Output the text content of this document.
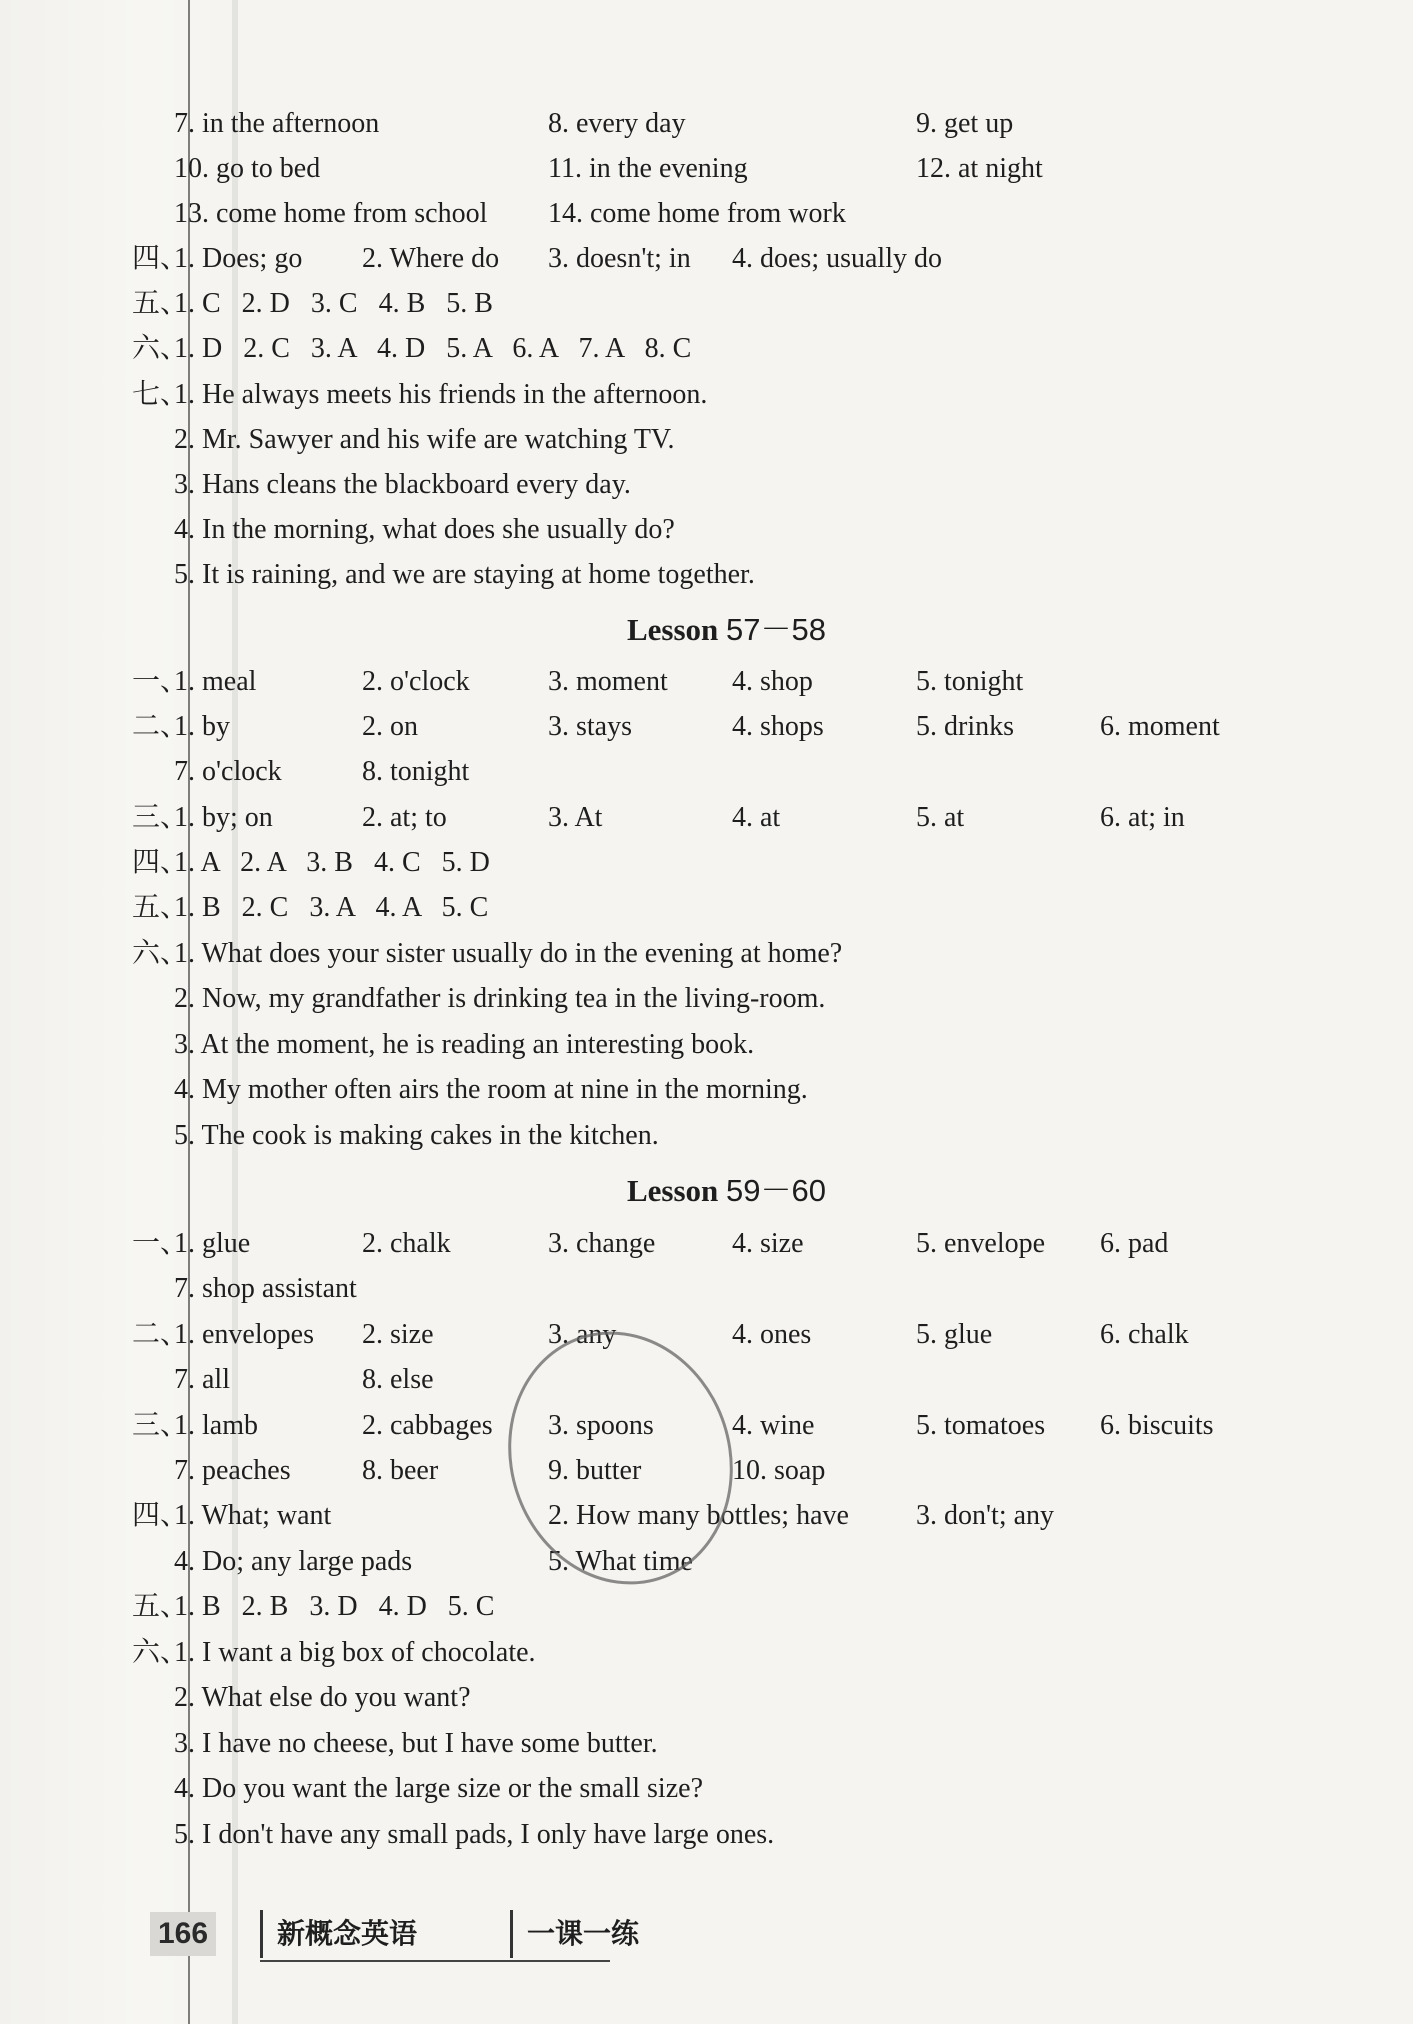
7. in the afternoon	8. every day	9. get up
10. go to bed	11. in the evening	12. at night
13. come home from school 14. come home from work
四、
1. Does; go 2. Where do 3. doesn't; in 4. does; usually do
五、
1. C   2. D   3. C   4. B   5. B
六、
1. D   2. C   3. A   4. D   5. A   6. A   7. A   8. C
七、
1. He always meets his friends in the afternoon.
2. Mr. Sawyer and his wife are watching TV.
3. Hans cleans the blackboard every day.
4. In the morning, what does she usually do?
5. It is raining, and we are staying at home together.
Lesson 57－58
一、
1. meal	2. o'clock	3. moment 4. shop	5. tonight
二、
1. by	2. on	3. stays	4. shops	5. drinks	6. moment
7. o'clock	8. tonight
三、
1. by; on	2. at; to	3. At	4. at	5. at	6. at; in
四、
1. A   2. A   3. B   4. C   5. D
五、
1. B   2. C   3. A   4. A   5. C
六、
1. What does your sister usually do in the evening at home?
2. Now, my grandfather is drinking tea in the living-room.
3. At the moment, he is reading an interesting book.
4. My mother often airs the room at nine in the morning.
5. The cook is making cakes in the kitchen.
Lesson 59－60
一、
1. glue	2. chalk	3. change	4. size	5. envelope 6. pad
7. shop assistant
二、
1. envelopes 2. size	3. any	4. ones	5. glue	6. chalk
7. all	8. else
三、
1. lamb	2. cabbages 3. spoons	4. wine	5. tomatoes 6. biscuits
7. peaches	8. beer	9. butter	10. soap
四、
1. What; want	2. How many bottles; have 3. don't; any
4. Do; any large pads	5. What time
五、
1. B   2. B   3. D   4. D   5. C
六、
1. I want a big box of chocolate.
2. What else do you want?
3. I have no cheese, but I have some butter.
4. Do you want the large size or the small size?
5. I don't have any small pads, I only have large ones.
166	新概念英语	一课一练
